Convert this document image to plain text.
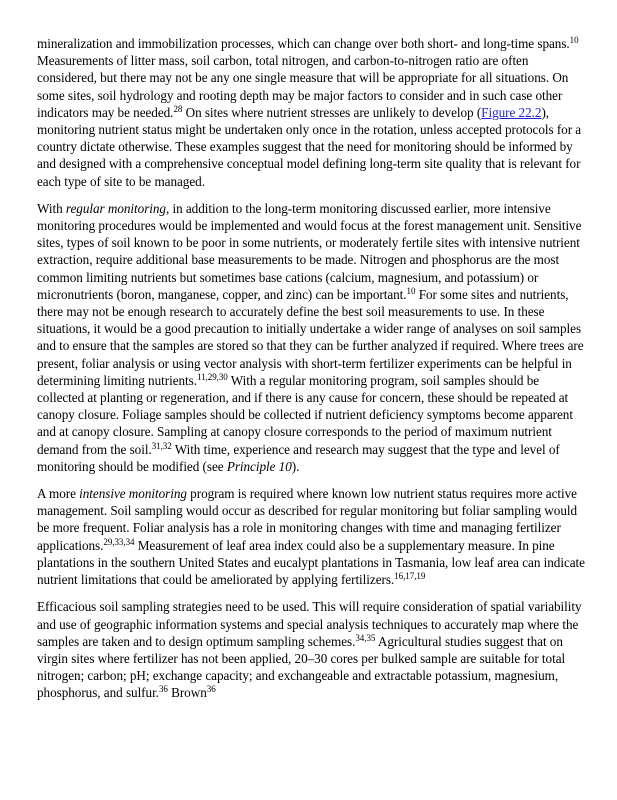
mineralization and immobilization processes, which can change over both short- and long-time spans.$^{10}$ Measurements of litter mass, soil carbon, total nitrogen, and carbon-to-nitrogen ratio are often considered, but there may not be any one single measure that will be appropriate for all situations. On some sites, soil hydrology and rooting depth may be major factors to consider and in such case other indicators may be needed.$^{28}$ On sites where nutrient stresses are unlikely to develop (Figure 22.2), monitoring nutrient status might be undertaken only once in the rotation, unless accepted protocols for a country dictate otherwise. These examples suggest that the need for monitoring should be informed by and designed with a comprehensive conceptual model defining long-term site quality that is relevant for each type of site to be managed.

With regular monitoring, in addition to the long-term monitoring discussed earlier, more intensive monitoring procedures would be implemented and would focus at the forest management unit. Sensitive sites, types of soil known to be poor in some nutrients, or moderately fertile sites with intensive nutrient extraction, require additional base measurements to be made. Nitrogen and phosphorus are the most common limiting nutrients but sometimes base cations (calcium, magnesium, and potassium) or micronutrients (boron, manganese, copper, and zinc) can be important.$^{10}$ For some sites and nutrients, there may not be enough research to accurately define the best soil measurements to use. In these situations, it would be a good precaution to initially undertake a wider range of analyses on soil samples and to ensure that the samples are stored so that they can be further analyzed if required. Where trees are present, foliar analysis or using vector analysis with short-term fertilizer experiments can be helpful in determining limiting nutrients.$^{11,29,30}$ With a regular monitoring program, soil samples should be collected at planting or regeneration, and if there is any cause for concern, these should be repeated at canopy closure. Foliage samples should be collected if nutrient deficiency symptoms become apparent and at canopy closure. Sampling at canopy closure corresponds to the period of maximum nutrient demand from the soil.$^{31,32}$ With time, experience and research may suggest that the type and level of monitoring should be modified (see Principle 10).

A more intensive monitoring program is required where known low nutrient status requires more active management. Soil sampling would occur as described for regular monitoring but foliar sampling would be more frequent. Foliar analysis has a role in monitoring changes with time and managing fertilizer applications.$^{29,33,34}$ Measurement of leaf area index could also be a supplementary measure. In pine plantations in the southern United States and eucalypt plantations in Tasmania, low leaf area can indicate nutrient limitations that could be ameliorated by applying fertilizers.$^{16,17,19}$

Efficacious soil sampling strategies need to be used. This will require consideration of spatial variability and use of geographic information systems and special analysis techniques to accurately map where the samples are taken and to design optimum sampling schemes.$^{34,35}$ Agricultural studies suggest that on virgin sites where fertilizer has not been applied, 20–30 cores per bulked sample are suitable for total nitrogen; carbon; pH; exchange capacity; and exchangeable and extractable potassium, magnesium, phosphorus, and sulfur.$^{36}$ Brown$^{36}$
